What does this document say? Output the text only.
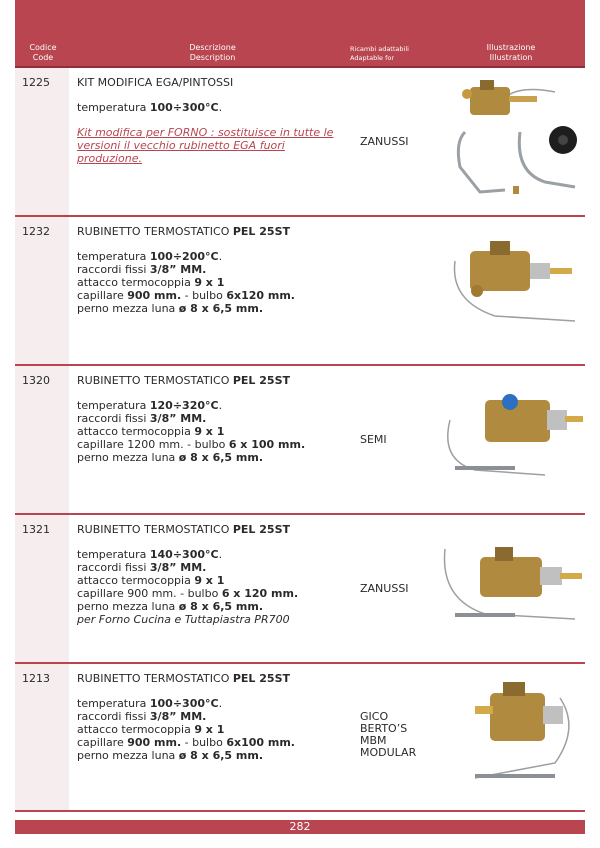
Codice
Code
Descrizione
Description
Ricambi adattabili
Adaptable for
Illustrazione
Illustration
1225 KIT MODIFICA EGA/PINTOSSI
temperatura 100÷300°C.
Kit modifica per FORNO : sostituisce in tutte le versioni il vecchio rubinetto EGA fuori produzione.
ZANUSSI
1232 RUBINETTO TERMOSTATICO PEL 25ST
temperatura 100÷200°C.
raccordi fissi 3/8” MM.
attacco termocoppia 9 x 1
capillare 900 mm. - bulbo 6x120 mm.
perno mezza luna ø 8 x 6,5 mm.
1320 RUBINETTO TERMOSTATICO PEL 25ST
temperatura 120÷320°C.
raccordi fissi 3/8” MM.
attacco termocoppia 9 x 1
capillare 1200 mm. - bulbo 6 x 100 mm.
perno mezza luna ø 8 x 6,5 mm.
SEMI
1321 RUBINETTO TERMOSTATICO PEL 25ST
temperatura 140÷300°C.
raccordi fissi 3/8” MM.
attacco termocoppia 9 x 1
capillare 900 mm. - bulbo 6 x 120 mm.
perno mezza luna ø 8 x 6,5 mm.
per Forno Cucina e Tuttapiastra PR700
ZANUSSI
1213 RUBINETTO TERMOSTATICO PEL 25ST
temperatura 100÷300°C.
raccordi fissi 3/8” MM.
attacco termocoppia 9 x 1
capillare 900 mm. - bulbo 6x100 mm.
perno mezza luna ø 8 x 6,5 mm.
GICO
BERTO’S
MBM
MODULAR
282
